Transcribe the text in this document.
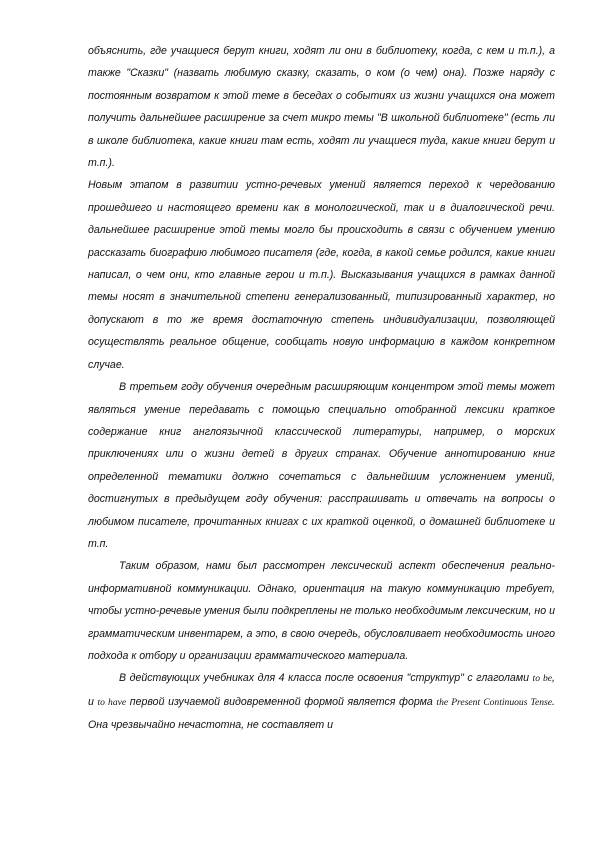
объяснить, где учащиеся берут книги, ходят ли они в библиотеку, когда, с кем и т.п.), а также "Сказки" (назвать любимую сказку, сказать, о ком (о чем) она). Позже наряду с постоянным возвратом к этой теме в беседах о событиях из жизни учащихся она может получить дальнейшее расширение за счет микро темы "В школьной библиотеке" (есть ли в школе библиотека, какие книги там есть, ходят ли учащиеся туда, какие книги берут и т.п.).

Новым этапом в развитии устно-речевых умений является переход к чередованию прошедшего и настоящего времени как в монологической, так и в диалогической речи. дальнейшее расширение этой темы могло бы происходить в связи с обучением умению рассказать биографию любимого писателя (где, когда, в какой семье родился, какие книги написал, о чем они, кто главные герои и т.п.). Высказывания учащихся в рамках данной темы носят в значительной степени генерализованный, типизированный характер, но допускают в то же время достаточную степень индивидуализации, позволяющей осуществлять реальное общение, сообщать новую информацию в каждом конкретном случае.

В третьем году обучения очередным расширяющим концентром этой темы может являться умение передавать с помощью специально отобранной лексики краткое содержание книг англоязычной классической литературы, например, о морских приключениях или о жизни детей в других странах. Обучение аннотированию книг определенной тематики должно сочетаться с дальнейшим усложнением умений, достигнутых в предыдущем году обучения: расспрашивать и отвечать на вопросы о любимом писателе, прочитанных книгах с их краткой оценкой, о домашней библиотеке и т.п.

Таким образом, нами был рассмотрен лексический аспект обеспечения реально-информативной коммуникации. Однако, ориентация на такую коммуникацию требует, чтобы устно-речевые умения были подкреплены не только необходимым лексическим, но и грамматическим инвентарем, а это, в свою очередь, обусловливает необходимость иного подхода к отбору и организации грамматического материала.

В действующих учебниках для 4 класса после освоения "структур" с глаголами to be, и to have первой изучаемой видовременной формой является форма the Present Continuous Tense. Она чрезвычайно нечастотна, не составляет и
